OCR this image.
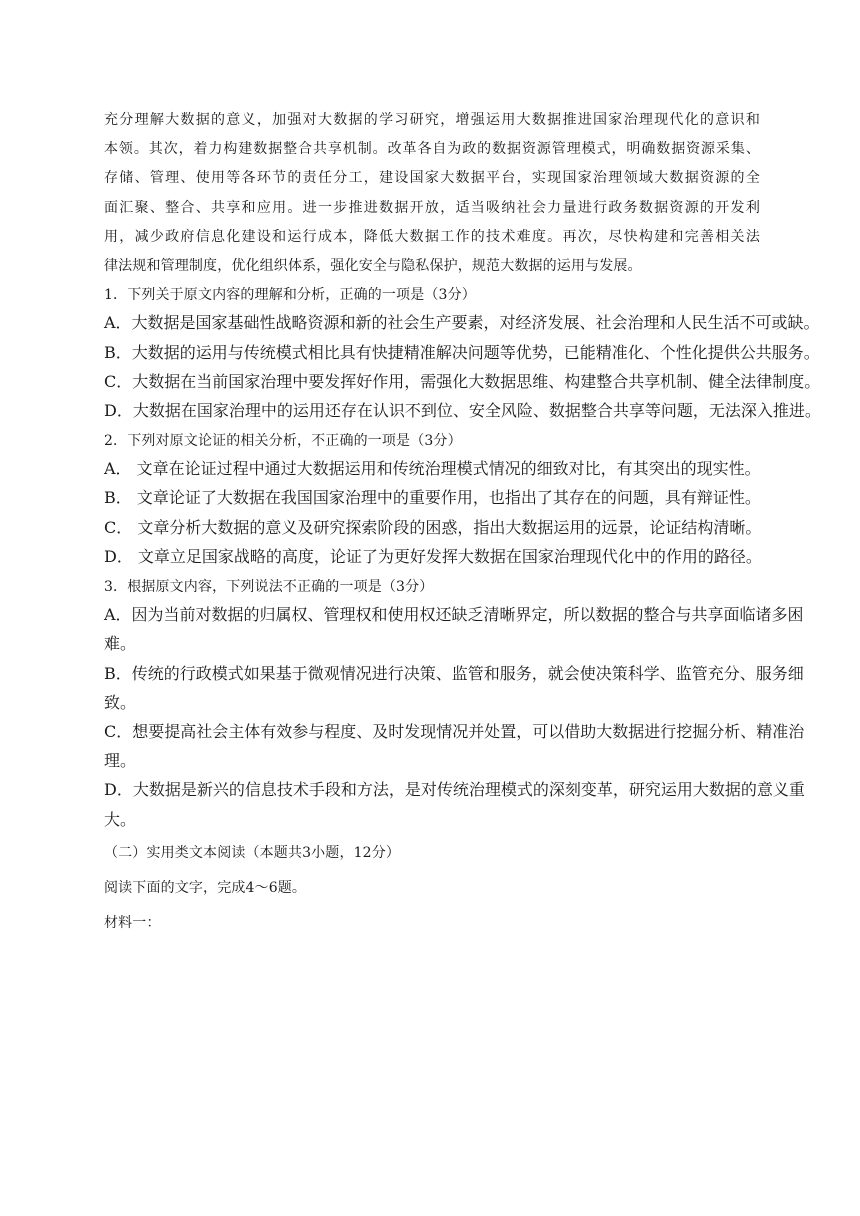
充分理解大数据的意义，加强对大数据的学习研究，增强运用大数据推进国家治理现代化的意识和
本领。其次，着力构建数据整合共享机制。改革各自为政的数据资源管理模式，明确数据资源采集、
存储、管理、使用等各环节的责任分工，建设国家大数据平台，实现国家治理领域大数据资源的全
面汇聚、整合、共享和应用。进一步推进数据开放，适当吸纳社会力量进行政务数据资源的开发利
用，减少政府信息化建设和运行成本，降低大数据工作的技术难度。再次，尽快构建和完善相关法
律法规和管理制度，优化组织体系，强化安全与隐私保护，规范大数据的运用与发展。

1．下列关于原文内容的理解和分析，正确的一项是（3分）

A．大数据是国家基础性战略资源和新的社会生产要素，对经济发展、社会治理和人民生活不可或缺。
B．大数据的运用与传统模式相比具有快捷精准解决问题等优势，已能精准化、个性化提供公共服务。
C．大数据在当前国家治理中要发挥好作用，需强化大数据思维、构建整合共享机制、健全法律制度。
D．大数据在国家治理中的运用还存在认识不到位、安全风险、数据整合共享等问题，无法深入推进。

2．下列对原文论证的相关分析，不正确的一项是（3分）

A． 文章在论证过程中通过大数据运用和传统治理模式情况的细致对比，有其突出的现实性。
B． 文章论证了大数据在我国国家治理中的重要作用，也指出了其存在的问题，具有辩证性。
C． 文章分析大数据的意义及研究探索阶段的困惑，指出大数据运用的远景，论证结构清晰。
D． 文章立足国家战略的高度，论证了为更好发挥大数据在国家治理现代化中的作用的路径。

3．根据原文内容，下列说法不正确的一项是（3分）

A．因为当前对数据的归属权、管理权和使用权还缺乏清晰界定，所以数据的整合与共享面临诸多困
难。
B．传统的行政模式如果基于微观情况进行决策、监管和服务，就会使决策科学、监管充分、服务细
致。
C．想要提高社会主体有效参与程度、及时发现情况并处置，可以借助大数据进行挖掘分析、精准治
理。
D．大数据是新兴的信息技术手段和方法，是对传统治理模式的深刻变革，研究运用大数据的意义重
大。

（二）实用类文本阅读（本题共3小题，12分）

阅读下面的文字，完成4～6题。

材料一：
